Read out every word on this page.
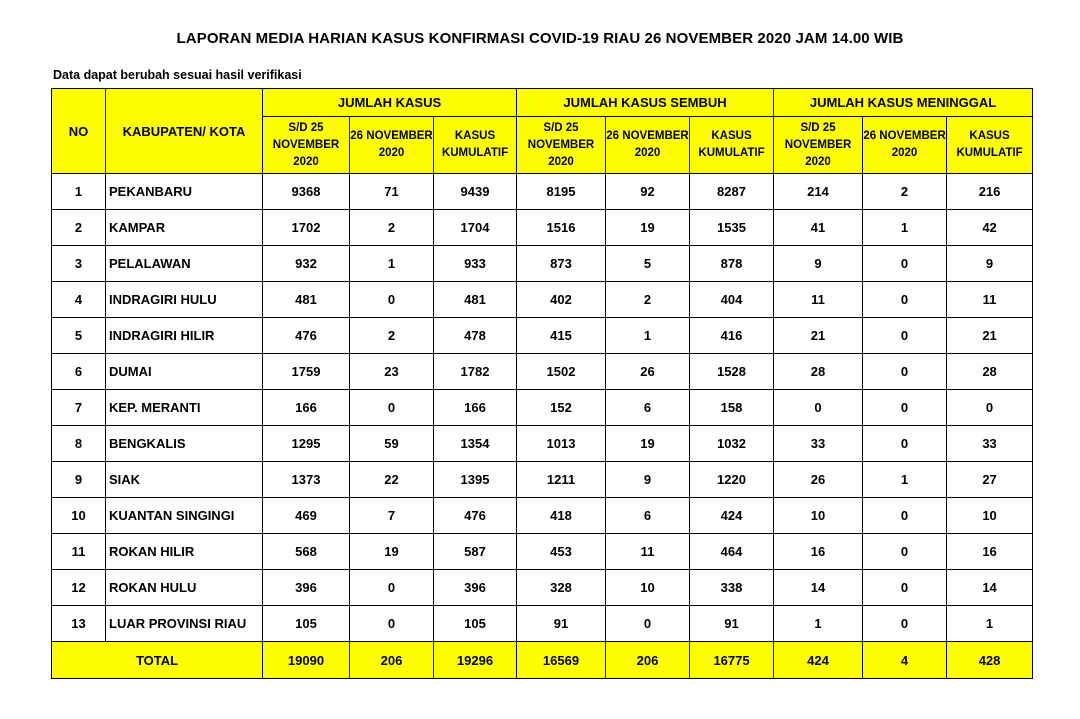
LAPORAN MEDIA HARIAN KASUS KONFIRMASI COVID-19 RIAU 26 NOVEMBER 2020 JAM 14.00 WIB
Data dapat berubah sesuai hasil verifikasi
NO	KABUPATEN/ KOTA	JUMLAH KASUS			JUMLAH KASUS SEMBUH			JUMLAH KASUS MENINGGAL		
		S/D 25 NOVEMBER 2020	26 NOVEMBER 2020	KASUS KUMULATIF	S/D 25 NOVEMBER 2020	26 NOVEMBER 2020	KASUS KUMULATIF	S/D 25 NOVEMBER 2020	26 NOVEMBER 2020	KASUS KUMULATIF
1	PEKANBARU	9368	71	9439	8195	92	8287	214	2	216
2	KAMPAR	1702	2	1704	1516	19	1535	41	1	42
3	PELALAWAN	932	1	933	873	5	878	9	0	9
4	INDRAGIRI HULU	481	0	481	402	2	404	11	0	11
5	INDRAGIRI HILIR	476	2	478	415	1	416	21	0	21
6	DUMAI	1759	23	1782	1502	26	1528	28	0	28
7	KEP. MERANTI	166	0	166	152	6	158	0	0	0
8	BENGKALIS	1295	59	1354	1013	19	1032	33	0	33
9	SIAK	1373	22	1395	1211	9	1220	26	1	27
10	KUANTAN SINGINGI	469	7	476	418	6	424	10	0	10
11	ROKAN HILIR	568	19	587	453	11	464	16	0	16
12	ROKAN HULU	396	0	396	328	10	338	14	0	14
13	LUAR PROVINSI RIAU	105	0	105	91	0	91	1	0	1
TOTAL		19090	206	19296	16569	206	16775	424	4	428
